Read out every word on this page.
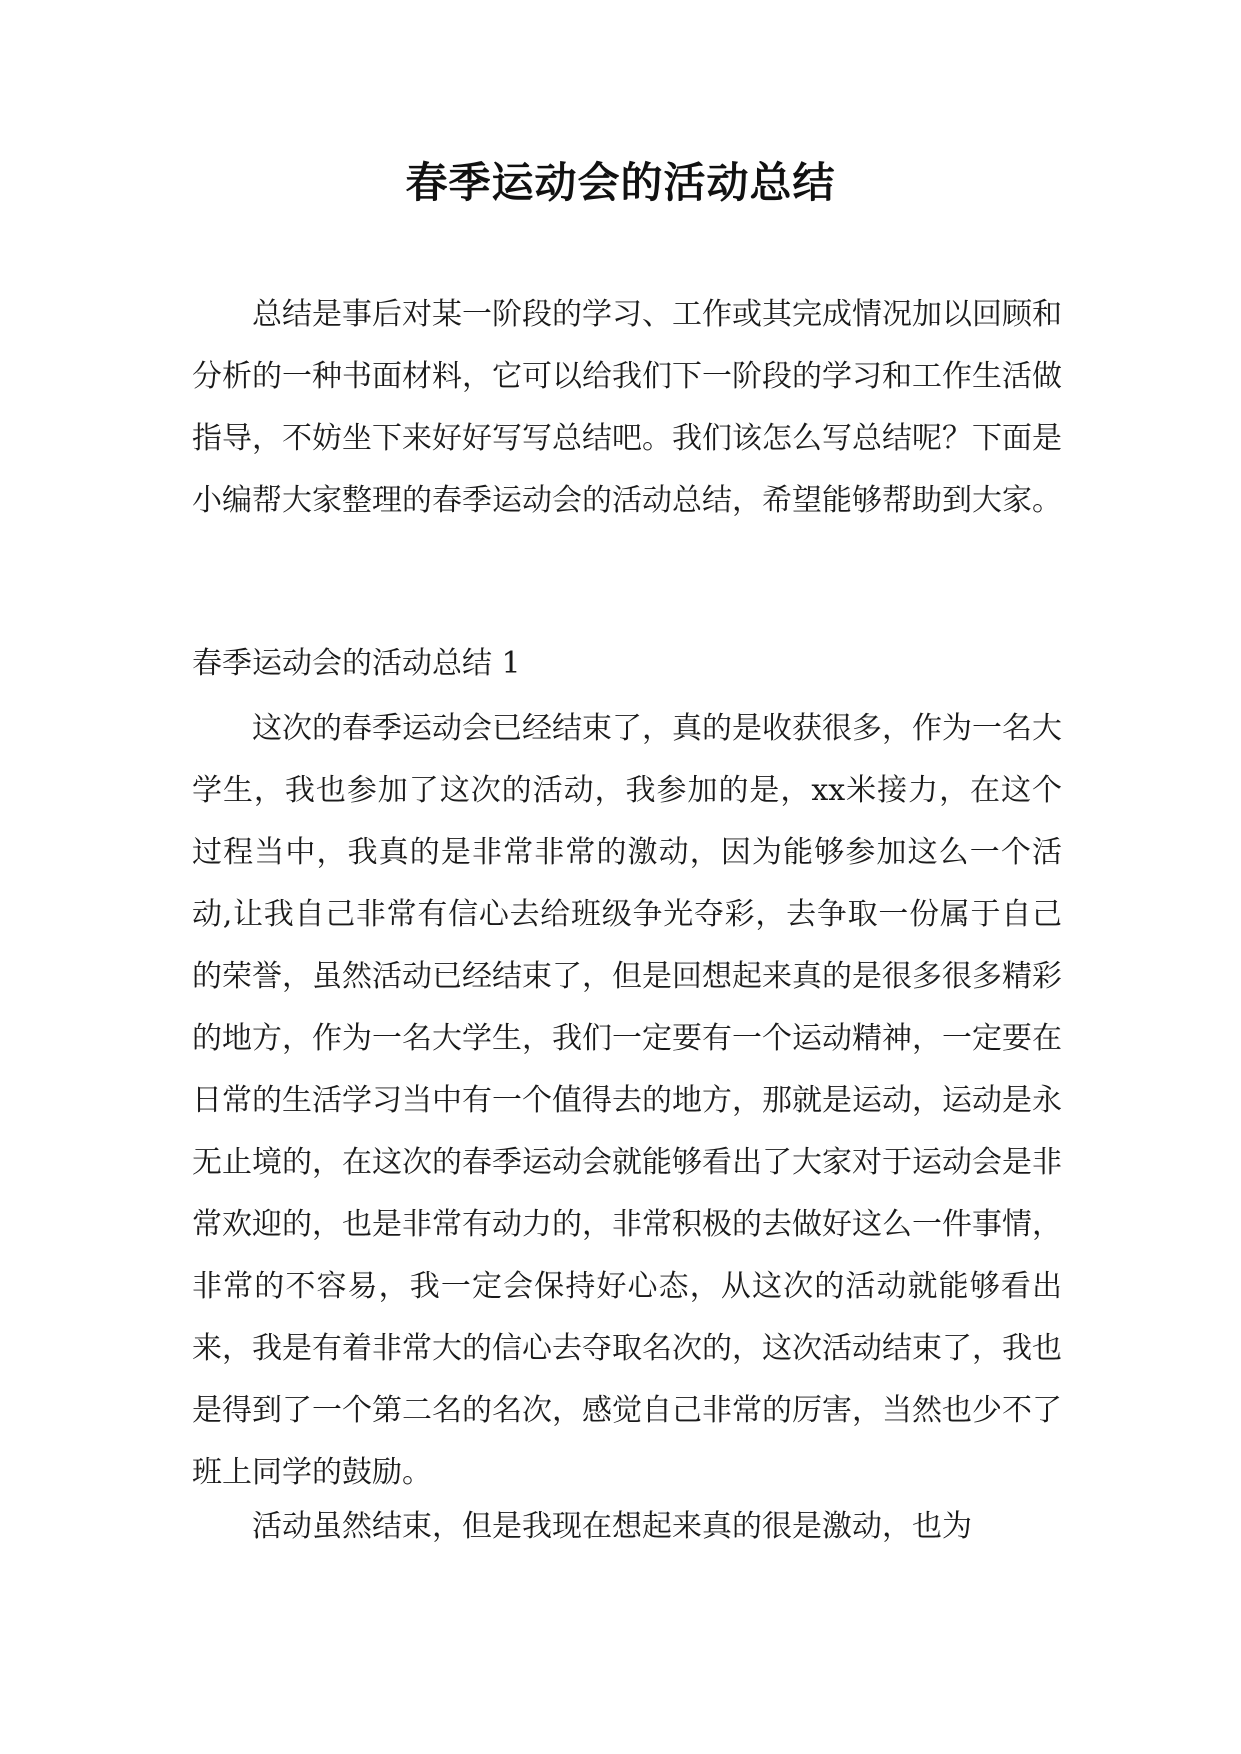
春季运动会的活动总结

总结是事后对某一阶段的学习、工作或其完成情况加以回顾和分析的一种书面材料，它可以给我们下一阶段的学习和工作生活做指导，不妨坐下来好好写写总结吧。我们该怎么写总结呢？下面是小编帮大家整理的春季运动会的活动总结，希望能够帮助到大家。

春季运动会的活动总结 1

这次的春季运动会已经结束了，真的是收获很多，作为一名大学生，我也参加了这次的活动，我参加的是，xx米接力，在这个过程当中，我真的是非常非常的激动，因为能够参加这么一个活动,让我自己非常有信心去给班级争光夺彩，去争取一份属于自己的荣誉，虽然活动已经结束了，但是回想起来真的是很多很多精彩的地方，作为一名大学生，我们一定要有一个运动精神，一定要在日常的生活学习当中有一个值得去的地方，那就是运动，运动是永无止境的，在这次的春季运动会就能够看出了大家对于运动会是非常欢迎的，也是非常有动力的，非常积极的去做好这么一件事情，非常的不容易，我一定会保持好心态，从这次的活动就能够看出来，我是有着非常大的信心去夺取名次的，这次活动结束了，我也是得到了一个第二名的名次，感觉自己非常的厉害，当然也少不了班上同学的鼓励。

活动虽然结束，但是我现在想起来真的很是激动，也为
